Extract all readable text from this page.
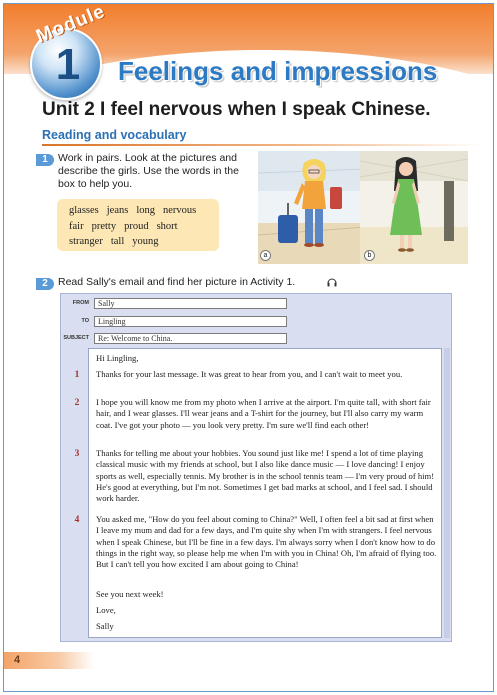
1
Module
Feelings and impressions
Unit 2 I feel nervous when I speak Chinese.
Reading and vocabulary
1 Work in pairs. Look at the pictures and describe the girls. Use the words in the box to help you.
glasses jeans long nervous
fair pretty proud short
stranger tall young
a	b
2 Read Sally's email and find her picture in Activity 1.
FROM	Sally
TO	Lingling
SUBJECT	Re: Welcome to China.
Hi Lingling,
1	Thanks for your last message. It was great to hear from you, and I can't wait to meet you.
2	I hope you will know me from my photo when I arrive at the airport. I'm quite tall, with short fair hair, and I wear glasses. I'll wear jeans and a T-shirt for the journey, but I'll also carry my warm coat. I've got your photo — you look very pretty. I'm sure we'll find each other!
3	Thanks for telling me about your hobbies. You sound just like me! I spend a lot of time playing classical music with my friends at school, but I also like dance music — I love dancing! I enjoy sports as well, especially tennis. My brother is in the school tennis team — I'm very proud of him! He's good at everything, but I'm not. Sometimes I get bad marks at school, and I feel sad. I should work harder.
4	You asked me, "How do you feel about coming to China?" Well, I often feel a bit sad at first when I leave my mum and dad for a few days, and I'm quite shy when I'm with strangers. I feel nervous when I speak Chinese, but I'll be fine in a few days. I'm always sorry when I don't know how to do things in the right way, so please help me when I'm with you in China! Oh, I'm afraid of flying too. But I can't tell you how excited I am about going to China!
See you next week!
Love,
Sally
4
